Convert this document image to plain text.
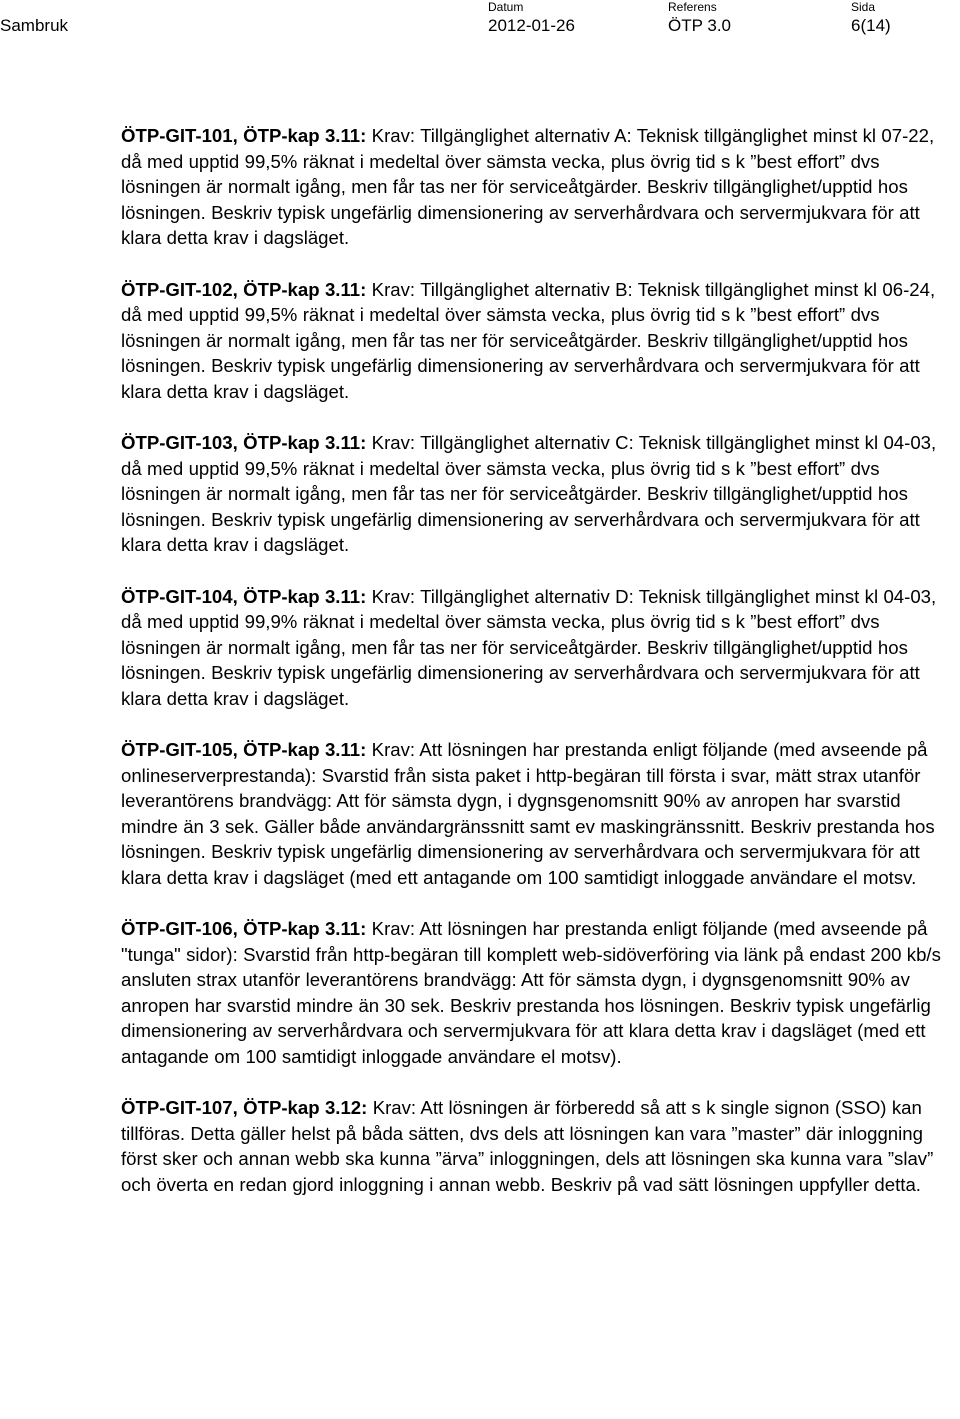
Sambruk
Datum
2012-01-26
Referens
ÖTP 3.0
Sida
6(14)

ÖTP-GIT-101, ÖTP-kap 3.11: Krav: Tillgänglighet alternativ A: Teknisk tillgänglighet minst kl 07-22, då med upptid 99,5% räknat i medeltal över sämsta vecka, plus övrig tid s k ”best effort” dvs lösningen är normalt igång, men får tas ner för serviceåtgärder. Beskriv tillgänglighet/upptid hos lösningen. Beskriv typisk ungefärlig dimensionering av serverhårdvara och servermjukvara för att klara detta krav i dagsläget.

ÖTP-GIT-102, ÖTP-kap 3.11: Krav: Tillgänglighet alternativ B: Teknisk tillgänglighet minst kl 06-24, då med upptid 99,5% räknat i medeltal över sämsta vecka, plus övrig tid s k ”best effort” dvs lösningen är normalt igång, men får tas ner för serviceåtgärder. Beskriv tillgänglighet/upptid hos lösningen. Beskriv typisk ungefärlig dimensionering av serverhårdvara och servermjukvara för att klara detta krav i dagsläget.

ÖTP-GIT-103, ÖTP-kap 3.11: Krav: Tillgänglighet alternativ C: Teknisk tillgänglighet minst kl 04-03, då med upptid 99,5% räknat i medeltal över sämsta vecka, plus övrig tid s k ”best effort” dvs lösningen är normalt igång, men får tas ner för serviceåtgärder. Beskriv tillgänglighet/upptid hos lösningen. Beskriv typisk ungefärlig dimensionering av serverhårdvara och servermjukvara för att klara detta krav i dagsläget.

ÖTP-GIT-104, ÖTP-kap 3.11: Krav: Tillgänglighet alternativ D: Teknisk tillgänglighet minst kl 04-03, då med upptid 99,9% räknat i medeltal över sämsta vecka, plus övrig tid s k ”best effort” dvs lösningen är normalt igång, men får tas ner för serviceåtgärder. Beskriv tillgänglighet/upptid hos lösningen. Beskriv typisk ungefärlig dimensionering av serverhårdvara och servermjukvara för att klara detta krav i dagsläget.

ÖTP-GIT-105, ÖTP-kap 3.11: Krav: Att lösningen har prestanda enligt följande (med avseende på onlineserverprestanda): Svarstid från sista paket i http-begäran till första i svar, mätt strax utanför leverantörens brandvägg: Att för sämsta dygn, i dygnsgenomsnitt 90% av anropen har svarstid mindre än 3 sek. Gäller både användargränssnitt samt ev maskingränssnitt. Beskriv prestanda hos lösningen. Beskriv typisk ungefärlig dimensionering av serverhårdvara och servermjukvara för att klara detta krav i dagsläget (med ett antagande om 100 samtidigt inloggade användare el motsv.

ÖTP-GIT-106, ÖTP-kap 3.11: Krav: Att lösningen har prestanda enligt följande (med avseende på "tunga" sidor): Svarstid från http-begäran till komplett web-sidöverföring via länk på endast 200 kb/s ansluten strax utanför leverantörens brandvägg: Att för sämsta dygn, i dygnsgenomsnitt 90% av anropen har svarstid mindre än 30 sek. Beskriv prestanda hos lösningen. Beskriv typisk ungefärlig dimensionering av serverhårdvara och servermjukvara för att klara detta krav i dagsläget (med ett antagande om 100 samtidigt inloggade användare el motsv).

ÖTP-GIT-107, ÖTP-kap 3.12: Krav: Att lösningen är förberedd så att s k single signon (SSO) kan tillföras. Detta gäller helst på båda sätten, dvs dels att lösningen kan vara ”master” där inloggning först sker och annan webb ska kunna ”ärva” inloggningen, dels att lösningen ska kunna vara ”slav” och överta en redan gjord inloggning i annan webb. Beskriv på vad sätt lösningen uppfyller detta.
